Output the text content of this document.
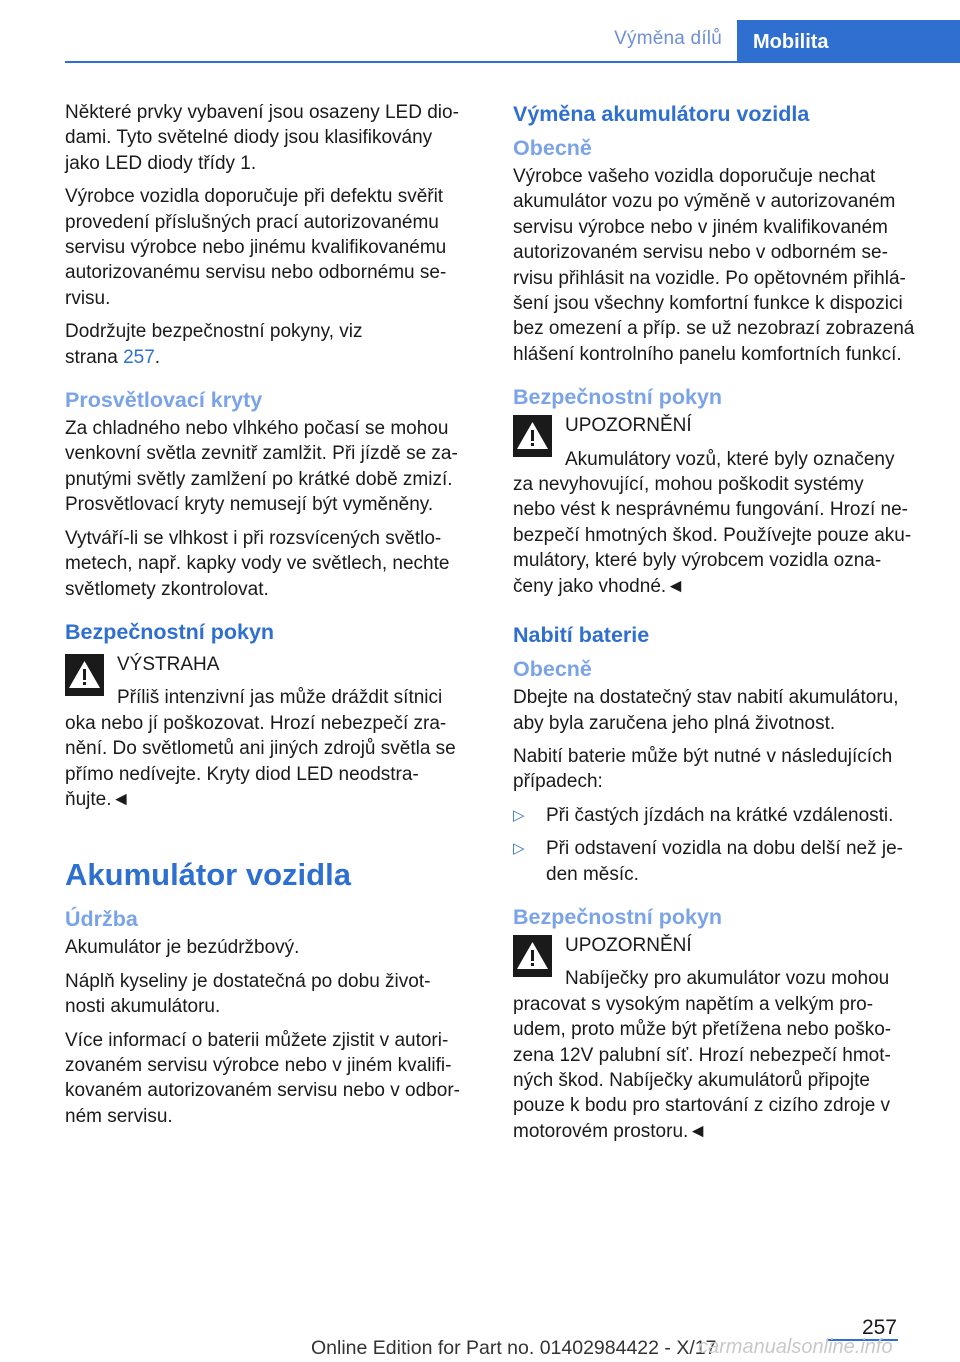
Výměna dílů	Mobilita

Některé prvky vybavení jsou osazeny LED dio-
dami. Tyto světelné diody jsou klasifikovány
jako LED diody třídy 1.

Výrobce vozidla doporučuje při defektu svěřit
provedení příslušných prací autorizovanému
servisu výrobce nebo jinému kvalifikovanému
autorizovanému servisu nebo odbornému se-
rvisu.

Dodržujte bezpečnostní pokyny, viz
strana 257.

Prosvětlovací kryty

Za chladného nebo vlhkého počasí se mohou
venkovní světla zevnitř zamlžit. Při jízdě se za-
pnutými světly zamlžení po krátké době zmizí.
Prosvětlovací kryty nemusejí být vyměněny.

Vytváří-li se vlhkost i při rozsvícených světlo-
metech, např. kapky vody ve světlech, nechte
světlomety zkontrolovat.

Bezpečnostní pokyn
VÝSTRAHA
Příliš intenzivní jas může dráždit sítnici
oka nebo jí poškozovat. Hrozí nebezpečí zra-
nění. Do světlometů ani jiných zdrojů světla se
přímo nedívejte. Kryty diod LED neodstra-
ňujte.◄
Akumulátor vozidla
Údržba

Akumulátor je bezúdržbový.

Náplň kyseliny je dostatečná po dobu život-
nosti akumulátoru.

Více informací o baterii můžete zjistit v autori-
zovaném servisu výrobce nebo v jiném kvalifi-
kovaném autorizovaném servisu nebo v odbor-
ném servisu.

Výměna akumulátoru vozidla
Obecně

Výrobce vašeho vozidla doporučuje nechat
akumulátor vozu po výměně v autorizovaném
servisu výrobce nebo v jiném kvalifikovaném
autorizovaném servisu nebo v odborném se-
rvisu přihlásit na vozidle. Po opětovném přihlá-
šení jsou všechny komfortní funkce k dispozici
bez omezení a příp. se už nezobrazí zobrazená
hlášení kontrolního panelu komfortních funkcí.

Bezpečnostní pokyn
UPOZORNĚNÍ
Akumulátory vozů, které byly označeny
za nevyhovující, mohou poškodit systémy
nebo vést k nesprávnému fungování. Hrozí ne-
bezpečí hmotných škod. Používejte pouze aku-
mulátory, které byly výrobcem vozidla ozna-
čeny jako vhodné.◄
Nabití baterie
Obecně

Dbejte na dostatečný stav nabití akumulátoru,
aby byla zaručena jeho plná životnost.

Nabití baterie může být nutné v následujících
případech:

▷	Při častých jízdách na krátké vzdálenosti.
▷	Při odstavení vozidla na dobu delší než je-
den měsíc.
Bezpečnostní pokyn
UPOZORNĚNÍ
Nabíječky pro akumulátor vozu mohou
pracovat s vysokým napětím a velkým pro-
udem, proto může být přetížena nebo poško-
zena 12V palubní síť. Hrozí nebezpečí hmot-
ných škod. Nabíječky akumulátorů připojte
pouze k bodu pro startování z cizího zdroje v
motorovém prostoru.◄
257
Online Edition for Part no. 01402984422 - X/17
carmanualsonline.info
